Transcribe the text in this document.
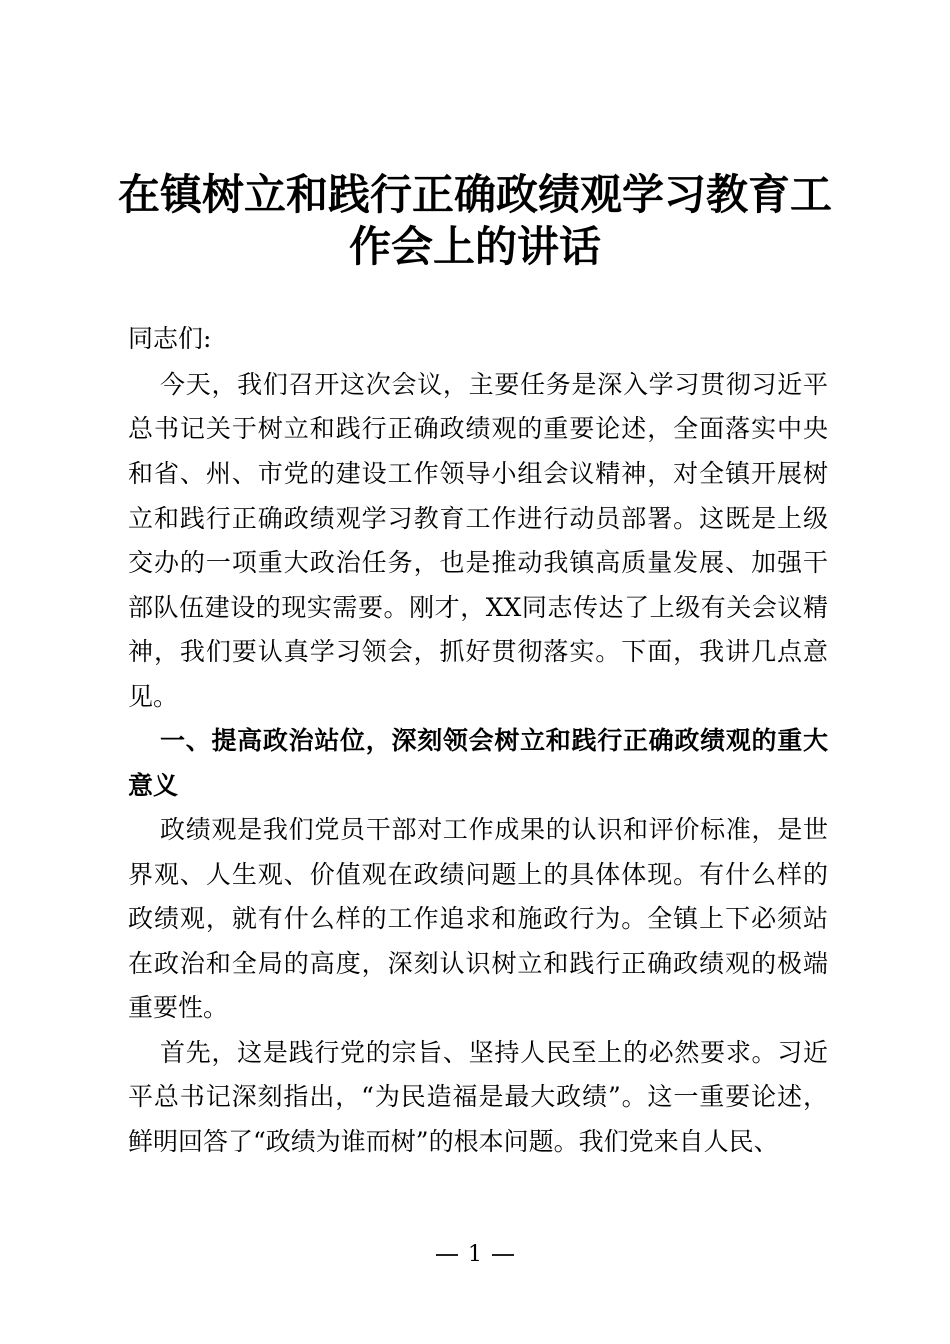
在镇树立和践行正确政绩观学习教育工
作会上的讲话
同志们:
今天，我们召开这次会议，主要任务是深入学习贯彻习近平
总书记关于树立和践行正确政绩观的重要论述，全面落实中央
和省、州、市党的建设工作领导小组会议精神，对全镇开展树
立和践行正确政绩观学习教育工作进行动员部署。这既是上级
交办的一项重大政治任务，也是推动我镇高质量发展、加强干
部队伍建设的现实需要。刚才，XX同志传达了上级有关会议精
神，我们要认真学习领会，抓好贯彻落实。下面，我讲几点意
见。
一、提高政治站位，深刻领会树立和践行正确政绩观的重大
意义
政绩观是我们党员干部对工作成果的认识和评价标准，是世
界观、人生观、价值观在政绩问题上的具体体现。有什么样的
政绩观，就有什么样的工作追求和施政行为。全镇上下必须站
在政治和全局的高度，深刻认识树立和践行正确政绩观的极端
重要性。
首先，这是践行党的宗旨、坚持人民至上的必然要求。习近
平总书记深刻指出，“为民造福是最大政绩”。这一重要论述，
鲜明回答了“政绩为谁而树”的根本问题。我们党来自人民、
1
